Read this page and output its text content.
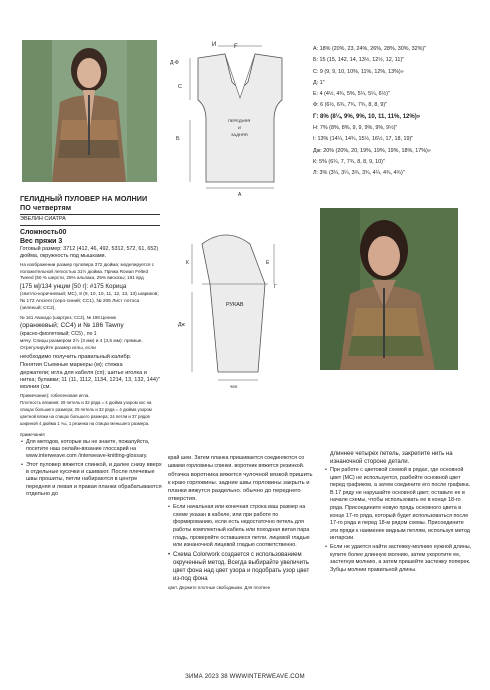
И	F
Д-Ф
С
Б
ПЕРЕДНЯЯ
И
ЗАДНЯЯ
А
А: 18% (20%, 23, 24%, 26%, 28%, 30%, 32%)"
Б: 15 (15, 142, 14, 13½, 12½, 12, 11)"
С: 9 (9, 9, 10, 10%, 11%, 12%, 13%)»
Д: 1"
Е: 4 (4½, 4¾, 5%, 5¼, 5¼, 6½)"
Ф: 6 (6½, 6¾, 7¾, 7¾, 8, 8, 9)"
Г: 8% (8¼, 9%, 9%, 10, 11, 11%, 12%)»
Н: 7% (8%, 8%, 9, 9, 9%, 9%, 9½)"
I: 13% (14¼, 14¾, 15½, 16½, 17, 18, 19)"
Дж: 20% (20%, 20, 19%, 19%, 19%, 18%, 17%)»
К: 5% (6¼, 7, 7¾, 8, 8, 9, 10)"
Л: 3% (3¼, 3¼, 3¾, 3¾, 4¼, 4¾, 4¾)"
К	Е
Г
РУКАВ
Дж
чел
ГЕЛИДНЫЙ ПУЛОВЕР НА МОЛНИИ
ПО четвертям
ЭВЕЛИН СИАТРА
Сложность00
Вес пряжи 3

Готовый размер: 3712 (412, 46, 492, 5312, 572, 61, 652) дюйма, окружность под мышками.

На изображении размер пуловера 372 дюйма; моделируется с положительной легкостью 31½ дюйма. Пряжа Rowan Felted Tweed (50 % шерсти, 25% альпака, 25% вискозы; 191 ярд

[175 м]/134 унции [50 г]: #175 Корица

(светло-коричневый; МС), 8 (9, 10, 10, 11, 12, 13, 13) шариков; № 172 Ancient (серо-синий; СС1), № 205 Лист лотоса (зеленый; СС2),

№ 161 Авокадо (шартрез; СС3), № 198 Ценник

(оранжевый; СС4) и № 186 Tawny

(красно-фиолетовый; СС5) , по 1

мячу. Спицы размером 2½ (3 мм) и 4 (3,5 мм): прямые. Отрегулируйте размер иглы, если

необходимо получить правильный калибр.

Понятия Съемные маркеры (м); стежка

держатели; игла для кабеля (сп); шитье иголка и нитка; булавки; 11 (11, 1112, 1134, 1214, 13, 132, 144)" молния (см.

Примечание); гобеленовая игла.

Плотность вязания: 29 петель и 32 ряда = 4 дюйма узором кос на спицах большего размера; 25 петель и 32 ряда = 4 дюйма узором цветной вязки на спицах большего размера; 24 петли и 37 рядов шириной 4 дюйма 1 ×ы, 1 резинка на спицах меньшего размера.

примечания

• Для методов, которые вы не знаете, пожалуйста, посетите наш онлайн-вязание глоссарий на www.interweave.com /interweave-knitting-glossary.

• Этот пуловер вяжется спинкой, и далее снизу вверх в отдельные кусочки и сшивают. После плечевые швы прошиты, петли набираются в центре передняя и левая и правая планки обрабатываются отдельно до

край шеи. Затем планка пришивается соединяются со швами горловины спинки. воротник вяжется резинкой.

обтачка воротника вяжется чулочной вязкой пришить к краю горловины. задние швы горловины закрыть и планки вяжутся раздельно. обычно до переднего отверстия.

• Если начальная или конечная строка ваш размер на схеме указан в кабеле, или при работе по формированию, если есть недостаточно петель для работы комплектный кабель или походная витая пара гладь, проверяйте оставшиеся петли. лицевой гладью или изнаночной лицевой гладью соответственно.

• Схема Colorwork создается с использованием окрученный метод. Всегда выбирайте увеличить цвет фона над цвет узора и подобрать узор цвет из-под фона

цвет. Держите плотные свободными. Для плотнее

длиннее четырех петель, закрепите нить на изнаночной стороне детали.

• При работе с цветовой схемой в рядах, где основной цвет (МС) не используется, разбейте основной цвет перед графиком, а затем соедините его после графика. В 17 ряду не нарушайте основной цвет; оставьте ее в начале схемы, чтобы использовать ее в конце 18-го ряда. Присоедините новую прядь основного цвета в конце 17-го ряда, который будет использоваться после 17-го ряда и перед 18-м рядом схемы. Присоедините эти пряди к наименее видным петлям, используя метод интарсии.

• Если не удается найти застежку-молнию нужной длины, купите более длинную молнию, затем укоротите ее, застегнув молнию, а затем пришейте застежку поперек. Зубцы молнии правильной длины.

ЗИМА 2023 38 WWWINTERWEAVE.COM
